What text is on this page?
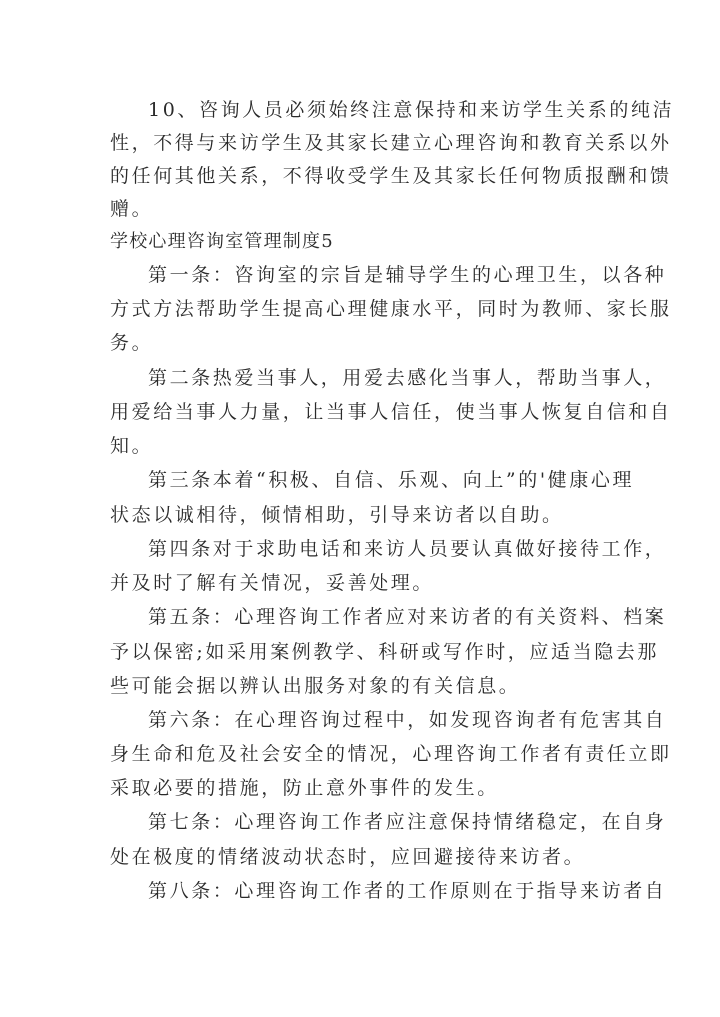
10、咨询人员必须始终注意保持和来访学生关系的纯洁
性，不得与来访学生及其家长建立心理咨询和教育关系以外
的任何其他关系，不得收受学生及其家长任何物质报酬和馈
赠。
学校心理咨询室管理制度5
第一条：咨询室的宗旨是辅导学生的心理卫生，以各种
方式方法帮助学生提高心理健康水平，同时为教师、家长服
务。
第二条热爱当事人，用爱去感化当事人，帮助当事人，
用爱给当事人力量，让当事人信任，使当事人恢复自信和自
知。
第三条本着“积极、自信、乐观、向上”的'健康心理
状态以诚相待，倾情相助，引导来访者以自助。
第四条对于求助电话和来访人员要认真做好接待工作，
并及时了解有关情况，妥善处理。
第五条：心理咨询工作者应对来访者的有关资料、档案
予以保密;如采用案例教学、科研或写作时，应适当隐去那
些可能会据以辨认出服务对象的有关信息。
第六条：在心理咨询过程中，如发现咨询者有危害其自
身生命和危及社会安全的情况，心理咨询工作者有责任立即
采取必要的措施，防止意外事件的发生。
第七条：心理咨询工作者应注意保持情绪稳定，在自身
处在极度的情绪波动状态时，应回避接待来访者。
第八条：心理咨询工作者的工作原则在于指导来访者自
